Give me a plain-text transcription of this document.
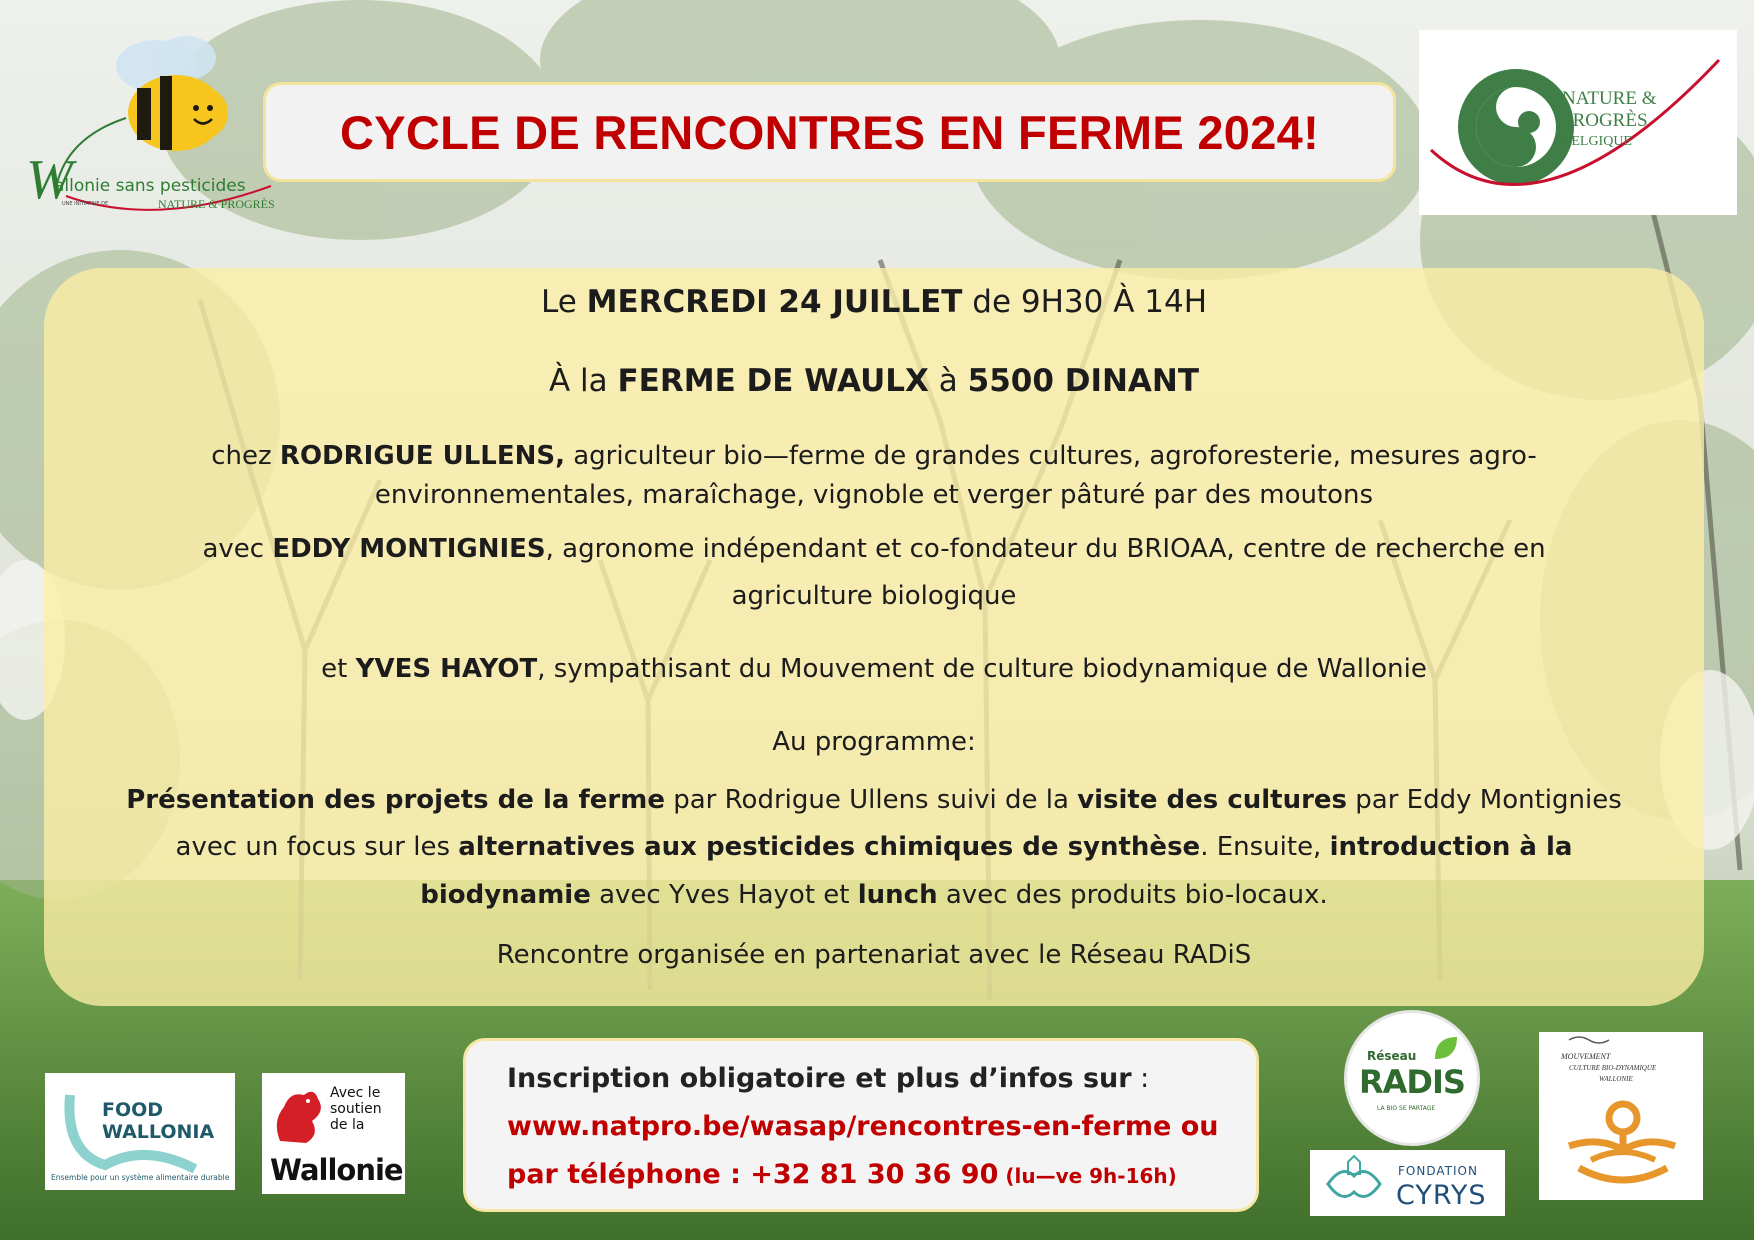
W
allonie sans pesticides
UNE INITIATIVE DE	NATURE & PROGRÈS
CYCLE DE RENCONTRES EN FERME 2024!
NATURE &
PROGRÈS
BELGIQUE
Le MERCREDI 24 JUILLET de 9H30 À 14H
À la FERME DE WAULX à 5500 DINANT
chez RODRIGUE ULLENS, agriculteur bio—ferme de grandes cultures, agroforesterie, mesures agro-
environnementales, maraîchage, vignoble et verger pâturé par des moutons
avec EDDY MONTIGNIES, agronome indépendant et co-fondateur du BRIOAA, centre de recherche en
agriculture biologique
et YVES HAYOT, sympathisant du Mouvement de culture biodynamique de Wallonie
Au programme:
Présentation des projets de la ferme par Rodrigue Ullens suivi de la visite des cultures par Eddy Montignies
avec un focus sur les alternatives aux pesticides chimiques de synthèse. Ensuite, introduction à la
biodynamie avec Yves Hayot et lunch avec des produits bio-locaux.
Rencontre organisée en partenariat avec le Réseau RADiS
Inscription obligatoire et plus d’infos sur :
www.natpro.be/wasap/rencontres-en-ferme ou
par téléphone : +32 81 30 36 90 (lu—ve 9h-16h)
FOOD
WALLONIA
Ensemble pour un système alimentaire durable
Avec le
soutien
de la
Wallonie
Réseau
RADIS
LA BIO SE PARTAGE
FONDATION
CYRYS
MOUVEMENT
CULTURE BIO-DYNAMIQUE
WALLONIE
